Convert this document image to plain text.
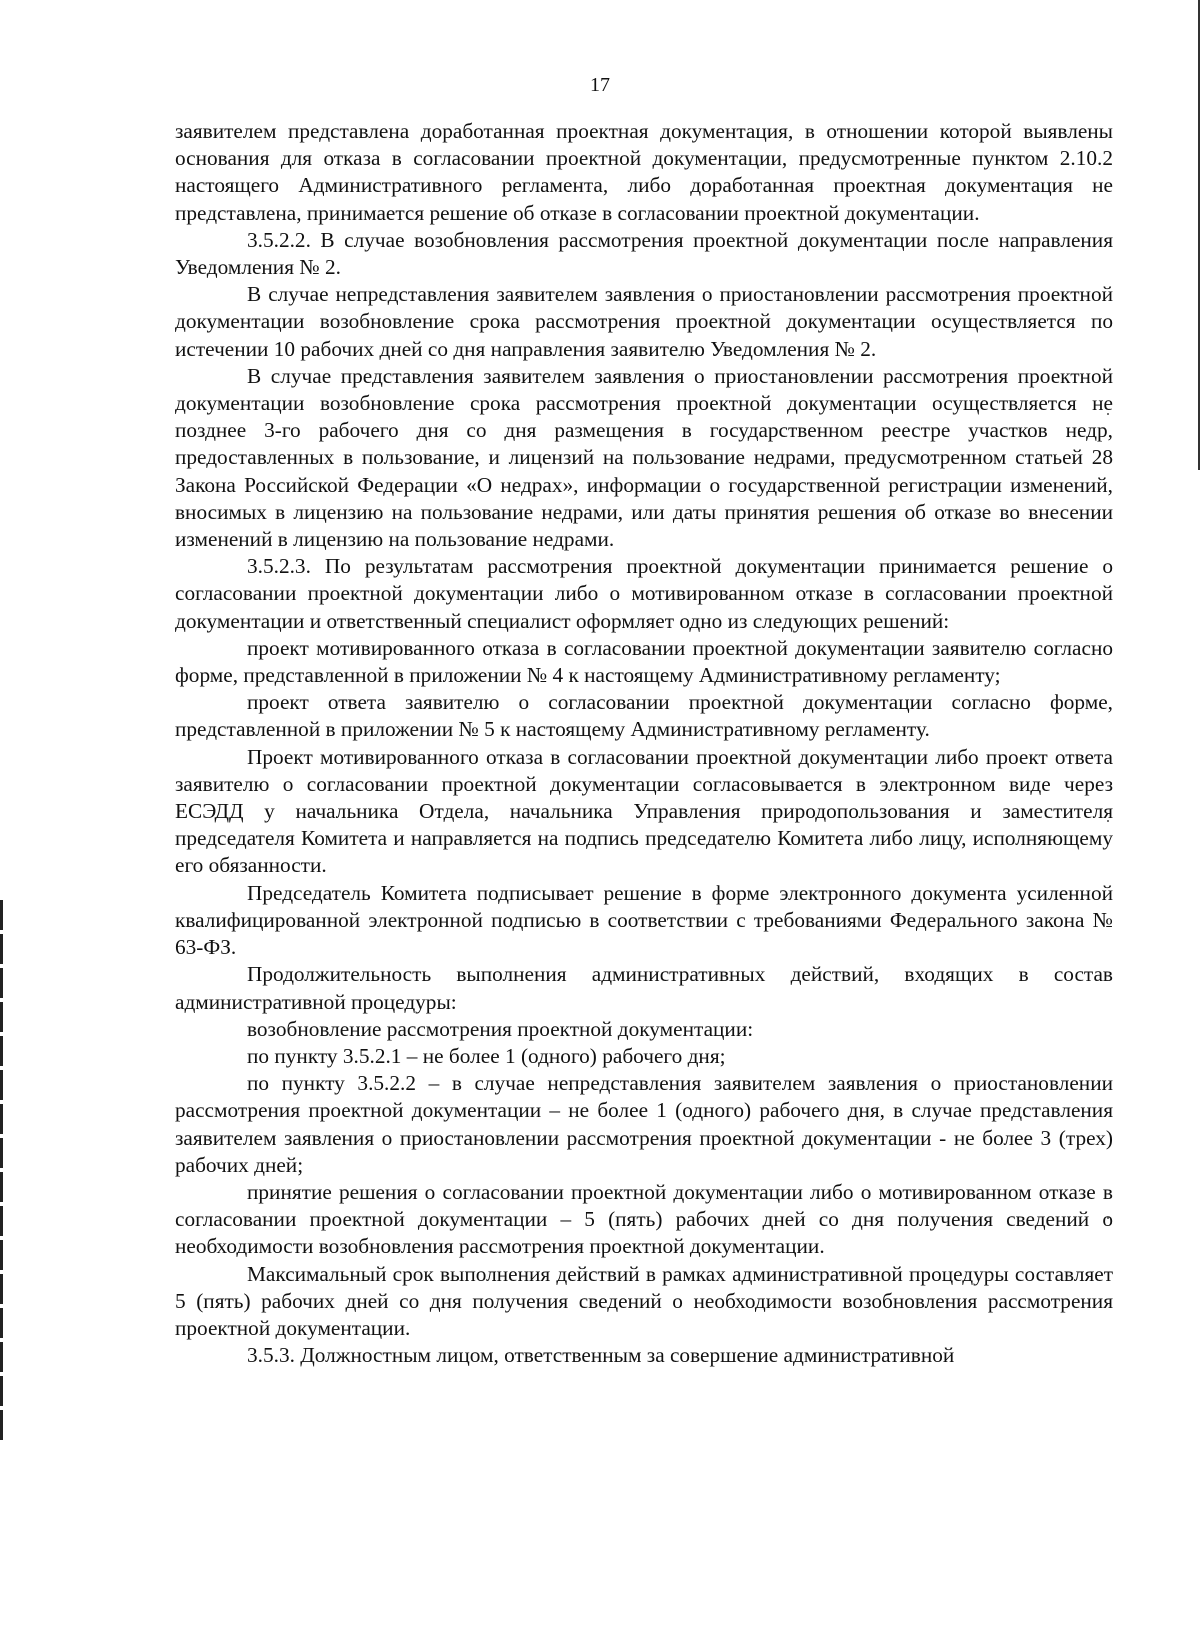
17

заявителем представлена доработанная проектная документация, в отношении которой выявлены основания для отказа в согласовании проектной документации, предусмотренные пунктом 2.10.2 настоящего Административного регламента, либо доработанная проектная документация не представлена, принимается решение об отказе в согласовании проектной документации.

3.5.2.2. В случае возобновления рассмотрения проектной документации после направления Уведомления № 2.

В случае непредставления заявителем заявления о приостановлении рассмотрения проектной документации возобновление срока рассмотрения проектной документации осуществляется по истечении 10 рабочих дней со дня направления заявителю Уведомления № 2.

В случае представления заявителем заявления о приостановлении рассмотрения проектной документации возобновление срока рассмотрения проектной документации осуществляется не позднее 3-го рабочего дня со дня размещения в государственном реестре участков недр, предоставленных в пользование, и лицензий на пользование недрами, предусмотренном статьей 28 Закона Российской Федерации «О недрах», информации о государственной регистрации изменений, вносимых в лицензию на пользование недрами, или даты принятия решения об отказе во внесении изменений в лицензию на пользование недрами.

3.5.2.3. По результатам рассмотрения проектной документации принимается решение о согласовании проектной документации либо о мотивированном отказе в согласовании проектной документации и ответственный специалист оформляет одно из следующих решений:

проект мотивированного отказа в согласовании проектной документации заявителю согласно форме, представленной в приложении № 4 к настоящему Административному регламенту;

проект ответа заявителю о согласовании проектной документации согласно форме, представленной в приложении № 5 к настоящему Административному регламенту.

Проект мотивированного отказа в согласовании проектной документации либо проект ответа заявителю о согласовании проектной документации согласовывается в электронном виде через ЕСЭДД у начальника Отдела, начальника Управления природопользования и заместителя председателя Комитета и направляется на подпись председателю Комитета либо лицу, исполняющему его обязанности.

Председатель Комитета подписывает решение в форме электронного документа усиленной квалифицированной электронной подписью в соответствии с требованиями Федерального закона № 63-ФЗ.

Продолжительность выполнения административных действий, входящих в состав административной процедуры:

возобновление рассмотрения проектной документации:

по пункту 3.5.2.1 – не более 1 (одного) рабочего дня;

по пункту 3.5.2.2 – в случае непредставления заявителем заявления о приостановлении рассмотрения проектной документации – не более 1 (одного) рабочего дня, в случае представления заявителем заявления о приостановлении рассмотрения проектной документации - не более 3 (трех) рабочих дней;

принятие решения о согласовании проектной документации либо о мотивированном отказе в согласовании проектной документации – 5 (пять) рабочих дней со дня получения сведений о необходимости возобновления рассмотрения проектной документации.

Максимальный срок выполнения действий в рамках административной процедуры составляет 5 (пять) рабочих дней со дня получения сведений о необходимости возобновления рассмотрения проектной документации.

3.5.3. Должностным лицом, ответственным за совершение административной
